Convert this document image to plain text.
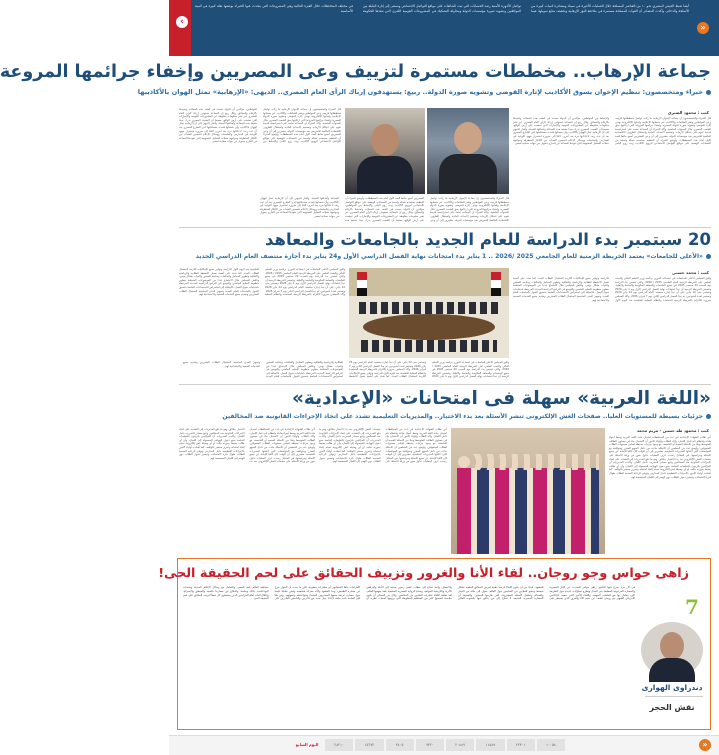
›
أيضا ضبط الجيش المصري نحو ١٠ من العناصر المسلحة خلال العمليات الأخيرة في سيناء ومصادرة كميات كبيرة من الأسلحة والذخائر، وأكدت المصادر أن القوات المسلحة مستمرة في ملاحقة البؤر الإرهابية وتجفيف منابع تمويلها، فيما تواصل الأجهزة الأمنية رصد الحسابات التي تبث الشائعات على مواقع التواصل الاجتماعي وتسعى إلى إثارة البلبلة بين المواطنين وتشويه صورة مؤسسات الدولة ومحاولة التشكيك في المشروعات القومية الكبرى التي تنفذها الحكومة في مختلف المحافظات خلال الفترة الحالية وهي المشروعات التي يتحدث عنها الخبراء بوصفها نقلة كبيرة في البنية الأساسية
«
جماعة الإرهاب.. مخططات مستمرة لتزييف وعى المصريين وإخفاء جرائمها المروعة
خبراء ومتخصصون: تنظيم الإخوان يسوق الأكاذيب لإثارة الفوضى وتشويه صورة الدولة.. ربيع: يستهدفون إرباك الرأى العام المصرى.. الديهى: «الإرهابية» تمثل الهوان بالأكاذيبها
كتب : محمود الصبري
قال الخبراء والمتخصصون إن جماعة الإخوان الإرهابية ما زالت تواصل مخططاتها لتزييف وعي المواطنين ونشر الشائعات والأكاذيب عبر منصاتها الإعلامية ولجانها الإلكترونية بهدف إثارة الفوضى وتشويه صورة الدولة المصرية وإخفاء جرائمها المروعة التي ارتكبتها بحق الشعب المصري خلال السنوات الماضية. وأكد الخبراء أن الجماعة تعتمد على استراتيجية قديمة تقوم على اختلاق الأزمات وتضخيم الأحداث العادية واستغلال الظروف الاقتصادية العالمية للتحريض ضد مؤسسات الدولة، مشيرين إلى أن وعي المصريين أصبح حائط الصد الأول أمام هذه المخططات. وأوضح الخبراء أن التنظيم يستخدم شبكة واسعة من الحسابات الوهمية على مواقع التواصل الاجتماعي لترويج الأكاذيب وبث روح اليأس والإحباط بين المواطنين، مؤكدين أن الدولة نجحت في كشف هذه الحملات وتفنيدها بالأرقام والحقائق. وقال ربيع إن الجماعة تستهدف إرباك الرأي العام المصري عبر نشر معلومات مغلوطة عن المشروعات القومية والإنجازات التي تحققت على أرض الواقع، مضيفا أن الشعب المصري يدرك جيدا حقيقة هذه الجماعة وأهدافها الخبيثة. وأشار الديهي إلى أن الإرهابية تمثل الهوان بالأكاذيب وأن منصاتها فقدت مصداقيتها لدى الشارع المصري بعد أن ثبت زيف ادعاءاتها مرة بعد أخرى، لافتا إلى ضرورة استمرار جهود التوعية في المدارس والجامعات ووسائل الإعلام لتحصين الشباب من الأفكار المتطرفة ومواجهة حملات التضليل الممنهجة التي تقودها الجماعة من الخارج بتمويل من جهات معادية لمصر.
قال الخبراء والمتخصصون إن جماعة الإخوان الإرهابية ما زالت تواصل مخططاتها لتزييف وعي المواطنين ونشر الشائعات والأكاذيب عبر منصاتها الإعلامية ولجانها الإلكترونية بهدف إثارة الفوضى وتشويه صورة الدولة المصرية وإخفاء جرائمها المروعة التي ارتكبتها بحق الشعب المصري خلال السنوات الماضية. وأكد الخبراء أن الجماعة تعتمد على استراتيجية قديمة تقوم على اختلاق الأزمات وتضخيم الأحداث العادية واستغلال الظروف الاقتصادية العالمية للتحريض ضد مؤسسات الدولة، مشيرين إلى أن وعي المصريين أصبح حائط الصد الأول أمام هذه المخططات. وأوضح الخبراء أن التنظيم يستخدم شبكة واسعة من الحسابات الوهمية على مواقع التواصل الاجتماعي لترويج الأكاذيب وبث روح اليأس والإحباط بين المواطنين، مؤكدين أن الدولة نجحت في كشف هذه الحملات وتفنيدها بالأرقام والحقائق. وقال ربيع إن الجماعة تستهدف إرباك الرأي العام المصري عبر نشر معلومات مغلوطة عن المشروعات القومية والإنجازات التي تحققت على أرض الواقع، مضيفا أن الشعب المصري يدرك جيدا حقيقة هذه الجماعة وأهدافها الخبيثة. وأشار الديهي إلى أن الإرهابية تمثل الهوان بالأكاذيب وأن منصاتها فقدت مصداقيتها لدى الشارع المصري بعد أن ثبت زيف ادعاءاتها مرة بعد أخرى، لافتا إلى ضرورة استمرار جهود التوعية في المدارس والجامعات ووسائل الإعلام لتحصين الشباب من الأفكار المتطرفة ومواجهة حملات التضليل الممنهجة التي تقودها الجماعة من الخارج بتمويل من جهات معادية لمصر.
قال الخبراء والمتخصصون إن جماعة الإخوان الإرهابية ما زالت تواصل مخططاتها لتزييف وعي المواطنين ونشر الشائعات والأكاذيب عبر منصاتها الإعلامية ولجانها الإلكترونية بهدف إثارة الفوضى وتشويه صورة الدولة المصرية وإخفاء جرائمها المروعة التي ارتكبتها بحق الشعب المصري خلال السنوات الماضية. وأكد الخبراء أن الجماعة تعتمد على استراتيجية قديمة تقوم على اختلاق الأزمات وتضخيم الأحداث العادية واستغلال الظروف الاقتصادية العالمية للتحريض ضد مؤسسات الدولة، مشيرين إلى أن وعي المصريين أصبح حائط الصد الأول أمام هذه المخططات. وأوضح الخبراء أن التنظيم يستخدم شبكة واسعة من الحسابات الوهمية على مواقع التواصل الاجتماعي لترويج الأكاذيب وبث روح اليأس والإحباط بين المواطنين، مؤكدين أن الدولة نجحت في كشف هذه الحملات وتفنيدها بالأرقام والحقائق. وقال ربيع إن الجماعة تستهدف إرباك الرأي العام المصري عبر نشر معلومات مغلوطة عن المشروعات القومية والإنجازات التي تحققت على أرض الواقع، مضيفا أن الشعب المصري يدرك جيدا حقيقة هذه الجماعة وأهدافها الخبيثة. وأشار الديهي إلى أن الإرهابية تمثل الهوان بالأكاذيب وأن منصاتها فقدت مصداقيتها لدى الشارع المصري بعد أن ثبت زيف ادعاءاتها مرة بعد أخرى، لافتا إلى ضرورة استمرار جهود التوعية في المدارس والجامعات ووسائل الإعلام لتحصين الشباب من الأفكار المتطرفة ومواجهة حملات التضليل الممنهجة التي تقودها الجماعة من الخارج بتمويل من جهات معادية لمصر.
20 سبتمبر بدء الدراسة للعام الجديد بالجامعات والمعاهد
«الأعلى للجامعات» يعتمد الخريطة الزمنية للعام الجامعي 2025 /2026 .. 1 يناير بدء امتحانات نهاية الفصل الدراسي الأول و24 يناير بدء أجازة منتصف العام الدراسي الجديد
كتب : محمد حسني
وافق المجلس الأعلى للجامعات في اجتماعه الدوري برئاسة وزير التعليم العالي والبحث العلمي على الخريطة الزمنية للعام الجامعي 2025 / 2026، والتي تتضمن بدء الدراسة يوم السبت 20 سبتمبر 2025 في جميع الجامعات والمعاهد الحكومية والخاصة والأهلية. وتتضمن الخريطة الزمنية أن تبدأ امتحانات نهاية الفصل الدراسي الأول يوم 1 يناير 2026 وتستمر حتى 22 يناير، على أن تبدأ إجازة منتصف العام الدراسي يوم 24 يناير 2026 وتستمر لمدة أسبوعين، ثم يبدأ الفصل الدراسي الثاني يوم 7 فبراير 2026. وأكد المجلس ضرورة الالتزام بالخريطة الزمنية المعتمدة وانتظام العملية التعليمية منذ اليوم الأول للدراسة وتوفير جميع الإمكانيات اللازمة لاستقبال الطلاب الجدد، كما شدد على أهمية تفعيل الأنشطة الطلابية والرياضية والثقافية وتطوير المعامل والمكتبات ومتابعة الحضور والغياب بشكل يومي. وناقش المجلس خلال الاجتماع عددا من الموضوعات المتعلقة بتطوير منظومة التعليم الجامعي والتوسع في البرامج الدراسية الجديدة المرتبطة باحتياجات سوق العمل، بالإضافة إلى استعراض الاستعدادات الخاصة بتنسيق القبول بالجامعات للعام الجديد وتجهيز المدن الجامعية لاستقبال الطلاب المغتربين وتقديم جميع الخدمات الصحية والاجتماعية لهم.
وافق المجلس الأعلى للجامعات في اجتماعه الدوري برئاسة وزير التعليم العالي والبحث العلمي على الخريطة الزمنية للعام الجامعي 2025 / 2026، والتي تتضمن بدء الدراسة يوم السبت 20 سبتمبر 2025 في جميع الجامعات والمعاهد الحكومية والخاصة والأهلية. وتتضمن الخريطة الزمنية أن تبدأ امتحانات نهاية الفصل الدراسي الأول يوم 1 يناير 2026 وتستمر حتى 22 يناير، على أن تبدأ إجازة منتصف العام الدراسي يوم 24 يناير 2026 وتستمر لمدة أسبوعين، ثم يبدأ الفصل الدراسي الثاني يوم 7 فبراير 2026. وأكد المجلس ضرورة الالتزام بالخريطة الزمنية المعتمدة وانتظام العملية التعليمية منذ اليوم الأول للدراسة وتوفير جميع الإمكانيات اللازمة لاستقبال الطلاب الجدد، كما شدد على أهمية تفعيل الأنشطة الطلابية والرياضية والثقافية وتطوير المعامل والمكتبات ومتابعة الحضور والغياب بشكل يومي. وناقش المجلس خلال الاجتماع عددا من الموضوعات المتعلقة بتطوير منظومة التعليم الجامعي والتوسع في البرامج الدراسية الجديدة المرتبطة باحتياجات سوق العمل، بالإضافة إلى استعراض الاستعدادات الخاصة بتنسيق القبول بالجامعات للعام الجديد وتجهيز المدن الجامعية لاستقبال الطلاب المغتربين وتقديم جميع الخدمات الصحية والاجتماعية لهم.
وافق المجلس الأعلى للجامعات في اجتماعه الدوري برئاسة وزير التعليم العالي والبحث العلمي على الخريطة الزمنية للعام الجامعي 2025 / 2026، والتي تتضمن بدء الدراسة يوم السبت 20 سبتمبر 2025 في جميع الجامعات والمعاهد الحكومية والخاصة والأهلية. وتتضمن الخريطة الزمنية أن تبدأ امتحانات نهاية الفصل الدراسي الأول يوم 1 يناير 2026 وتستمر حتى 22 يناير، على أن تبدأ إجازة منتصف العام الدراسي يوم 24 يناير 2026 وتستمر لمدة أسبوعين، ثم يبدأ الفصل الدراسي الثاني يوم 7 فبراير 2026. وأكد المجلس ضرورة الالتزام بالخريطة الزمنية المعتمدة وانتظام العملية التعليمية منذ اليوم الأول للدراسة وتوفير جميع الإمكانيات اللازمة لاستقبال الطلاب الجدد، كما شدد على أهمية تفعيل الأنشطة الطلابية والرياضية والثقافية وتطوير المعامل والمكتبات ومتابعة الحضور والغياب بشكل يومي. وناقش المجلس خلال الاجتماع عددا من الموضوعات المتعلقة بتطوير منظومة التعليم الجامعي والتوسع في البرامج الدراسية الجديدة المرتبطة باحتياجات سوق العمل، بالإضافة إلى استعراض الاستعدادات الخاصة بتنسيق القبول بالجامعات للعام الجديد وتجهيز المدن الجامعية لاستقبال الطلاب المغتربين وتقديم جميع الخدمات الصحية والاجتماعية لهم.
«اللغة العربية» سهلة فى امتحانات «الإعدادية»
جزئيات بسيطة للمستويات العليا.. صفحات الغش الإلكترونى تنشر الأسئلة بعد بدء الاختبار.. والمديريات التعليمية تشدد على اتخاذ الإجراءات القانونية ضد المخالفين
كتب : محمود طه حسين - مريم محمد
أدى طلاب الشهادة الإعدادية في عدد من المحافظات امتحان مادة اللغة العربية وسط أجواء هادئة وانتظام تام داخل اللجان، وأكد الطلاب وأولياء الأمور أن الامتحان جاء في مستوى الطالب المتوسط وخلا من الأسئلة الصعبة أو الغامضة، مع وجود جزئيات بسيطة لقياس مستويات الطلاب المتفوقين. وأوضح عدد من المعلمين أن الأسئلة جاءت من داخل المنهج المقرر ومتوافقة مع المواصفات التي أعلنتها المديريات التعليمية، مشيرين إلى أن الوقت كان كافيا للإجابة عن جميع الأسئلة ومراجعتها. في المقابل رصدت غرف العمليات تداول صور من ورقة الأسئلة على صفحات الغش الإلكتروني بعد بدء الاختبار بدقائق، وهو ما دفع المديريات إلى التشديد على اتخاذ الإجراءات القانونية ضد المخالفين وتتبع مصادر التسريب داخل اللجان. وأكدت المديريات أن المراقبين يلتزمون بالتعليمات الخاصة بمنع دخول الهواتف المحمولة إلى اللجان، وأن أي طالب يضبط بحوزته هاتف أو أي وسيلة غش إلكترونية سيتم إلغاء امتحانه وتحرير محضر بالواقعة. كما أشادت أولياء الأمور بالإجراءات التنظيمية داخل المدارس وتوفير الرعاية الصحية للطلاب طوال فترة الامتحانات وتيسير دخول الطلاب ذوي الهمم إلى اللجان المخصصة لهم.
أدى طلاب الشهادة الإعدادية في عدد من المحافظات امتحان مادة اللغة العربية وسط أجواء هادئة وانتظام تام داخل اللجان، وأكد الطلاب وأولياء الأمور أن الامتحان جاء في مستوى الطالب المتوسط وخلا من الأسئلة الصعبة أو الغامضة، مع وجود جزئيات بسيطة لقياس مستويات الطلاب المتفوقين. وأوضح عدد من المعلمين أن الأسئلة جاءت من داخل المنهج المقرر ومتوافقة مع المواصفات التي أعلنتها المديريات التعليمية، مشيرين إلى أن الوقت كان كافيا للإجابة عن جميع الأسئلة ومراجعتها. في المقابل رصدت غرف العمليات تداول صور من ورقة الأسئلة على صفحات الغش الإلكتروني بعد بدء الاختبار بدقائق، وهو ما دفع المديريات إلى التشديد على اتخاذ الإجراءات القانونية ضد المخالفين وتتبع مصادر التسريب داخل اللجان. وأكدت المديريات أن المراقبين يلتزمون بالتعليمات الخاصة بمنع دخول الهواتف المحمولة إلى اللجان، وأن أي طالب يضبط بحوزته هاتف أو أي وسيلة غش إلكترونية سيتم إلغاء امتحانه وتحرير محضر بالواقعة. كما أشادت أولياء الأمور بالإجراءات التنظيمية داخل المدارس وتوفير الرعاية الصحية للطلاب طوال فترة الامتحانات وتيسير دخول الطلاب ذوي الهمم إلى اللجان المخصصة لهم.
أدى طلاب الشهادة الإعدادية في عدد من المحافظات امتحان مادة اللغة العربية وسط أجواء هادئة وانتظام تام داخل اللجان، وأكد الطلاب وأولياء الأمور أن الامتحان جاء في مستوى الطالب المتوسط وخلا من الأسئلة الصعبة أو الغامضة، مع وجود جزئيات بسيطة لقياس مستويات الطلاب المتفوقين. وأوضح عدد من المعلمين أن الأسئلة جاءت من داخل المنهج المقرر ومتوافقة مع المواصفات التي أعلنتها المديريات التعليمية، مشيرين إلى أن الوقت كان كافيا للإجابة عن جميع الأسئلة ومراجعتها. في المقابل رصدت غرف العمليات تداول صور من ورقة الأسئلة على صفحات الغش الإلكتروني بعد بدء الاختبار بدقائق، وهو ما دفع المديريات إلى التشديد على اتخاذ الإجراءات القانونية ضد المخالفين وتتبع مصادر التسريب داخل اللجان. وأكدت المديريات أن المراقبين يلتزمون بالتعليمات الخاصة بمنع دخول الهواتف المحمولة إلى اللجان، وأن أي طالب يضبط بحوزته هاتف أو أي وسيلة غش إلكترونية سيتم إلغاء امتحانه وتحرير محضر بالواقعة. كما أشادت أولياء الأمور بالإجراءات التنظيمية داخل المدارس وتوفير الرعاية الصحية للطلاب طوال فترة الامتحانات وتيسير دخول الطلاب ذوي الهمم إلى اللجان المخصصة لهم.
زاهى حواس وجو روجان.. لقاء الأنا والغرور وتزييف الحقائق على لحم الحقيقة الحى!
7
دندراوى الهوارى
نقش الحجر
فى كل مرة يخرج فيها الدكتور زاهى حواس للحديث عن الآثار المصرية والحضارة الفرعونية العظيمة يثير الجدل ويطرح تساؤلات عديدة حول الطريقة التي يتعامل بها مع الملفات المهمة، واللقاء الأخير الذي جمعه بالإعلامي الأمريكي الشهير جو روجان كشف عن حجم الأنا والغرور الذي يسيطر على المشهد، فبدلا من أن يكون اللقاء فرصة ذهبية لعرض الحقائق العلمية بشكل مبسط ومقنع للملايين من المتابعين حول العالم، تحول إلى حالة من الجدل والصدام وتجاهل الأسئلة المشروعة التي طرحها المحاور. والحقيقة أن الحضارة المصرية القديمة لا تحتاج إلى من يدافع عنها بالصوت العالي والانفعال، وإنما تحتاج إلى خطاب علمي رصين يستند إلى الأدلة والبراهين الأثرية والتاريخية الموثقة، ويقدم الرواية المصرية الحقيقية بلغة يفهمها العالم. لقد شاهد اللقاء عشرات الملايين من المتابعين، وكان من الممكن أن يكون مناسبة لتصحيح كثير من المفاهيم المغلوطة التي يروجها أصحاب نظرية أن الأهرامات بناها الفضائيون أو حضارات مفقودة، لكن ما حدث أن الحوار خرج عن مساره الطبيعي، وبدا المشهد وكأنه معركة شخصية وليس نقاشا علميا حول حضارة عريقة صنعها المصريون القدماء بسواعدهم وعقولهم. ومن هنا فإن الحاجة باتت ملحة لإعداد جيل جديد من الأثريين والباحثين القادرين على مخاطبة العالم بلغة العصر، والتعامل مع وسائل الإعلام الحديثة ومنصات البودكاست بذكاء وحكمة، والدفاع عن حضارتنا بالحجة والمنطق والاحترام، وإغلاق الباب أمام المزايدين الذين يستغلون كل خطأ لتزييف الحقائق على لحم الحقيقة الحى.
١٠٠٥٨
٢٢٣٠١
١١٥٤٧
٢٠٨٨٩
٩٣٢٠
٣٤٠٥
١٥٦٧٢
٢٨٢١٠
اليوم السابع	«
